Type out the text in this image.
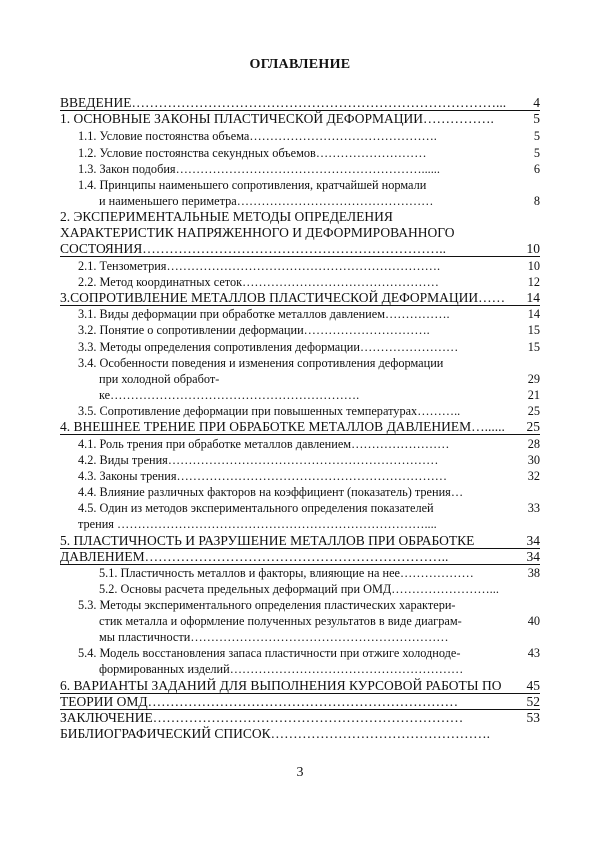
ОГЛАВЛЕНИЕ
ВВЕДЕНИЕ………………………………………………………………………...	4
1. ОСНОВНЫЕ ЗАКОНЫ ПЛАСТИЧЕСКОЙ ДЕФОРМАЦИИ…………….	5
1.1. Условие постоянства объема……………………………………….	5
1.2. Условие постоянства секундных объемов………………………	5
1.3. Закон подобия……………………………………………………......	6
1.4. Принципы наименьшего сопротивления, кратчайшей нормали
и наименьшего периметра…………………………………………	8
2. ЭКСПЕРИМЕНТАЛЬНЫЕ МЕТОДЫ ОПРЕДЕЛЕНИЯ
ХАРАКТЕРИСТИК НАПРЯЖЕННОГО И ДЕФОРМИРОВАННОГО
СОСТОЯНИЯ…………………………………………………………..	10
2.1. Тензометрия………………………………………………………….	10
2.2. Метод координатных сеток…………………………………………	12
3.СОПРОТИВЛЕНИЕ МЕТАЛЛОВ ПЛАСТИЧЕСКОЙ ДЕФОРМАЦИИ……	14
3.1. Виды деформации при обработке металлов давлением…………….	14
3.2. Понятие о сопротивлении деформации………………………….	15
3.3. Методы определения сопротивления деформации……………………	15
3.4. Особенности поведения и изменения сопротивления деформации
при холодной обработ-	29
ке…………………………………………………….	21
3.5. Сопротивление деформации при повышенных температурах………..	25
4. ВНЕШНЕЕ ТРЕНИЕ ПРИ ОБРАБОТКЕ МЕТАЛЛОВ ДАВЛЕНИЕМ…......	25
4.1. Роль трения при обработке металлов давлением……………………	28
4.2. Виды трения…………………………………………………………	30
4.3. Законы трения…………………………………………………………	32
4.4. Влияние различных факторов на коэффициент (показатель) трения…
4.5. Один из методов экспериментального определения показателей	33
трения …………………………………………………………………....
5. ПЛАСТИЧНОСТЬ И РАЗРУШЕНИЕ МЕТАЛЛОВ ПРИ ОБРАБОТКЕ	34
ДАВЛЕНИЕМ…………………………………………………………..	34
5.1. Пластичность металлов и факторы, влияющие на нее………………	38
5.2. Основы расчета предельных деформаций при ОМД……………………...
5.3. Методы экспериментального определения пластических характери-
стик металла и оформление полученных результатов в виде диаграм-	40
мы пластичности………………………………………………………
5.4. Модель восстановления запаса пластичности при отжиге холодноде-	43
формированных изделий…………………………………………………
6. ВАРИАНТЫ ЗАДАНИЙ ДЛЯ ВЫПОЛНЕНИЯ КУРСОВОЙ РАБОТЫ ПО	45
ТЕОРИИ ОМД……………………………………………………………	52
ЗАКЛЮЧЕНИЕ……………………………………………………………	53
БИБЛИОГРАФИЧЕСКИЙ СПИСОК………………………………………….
3
